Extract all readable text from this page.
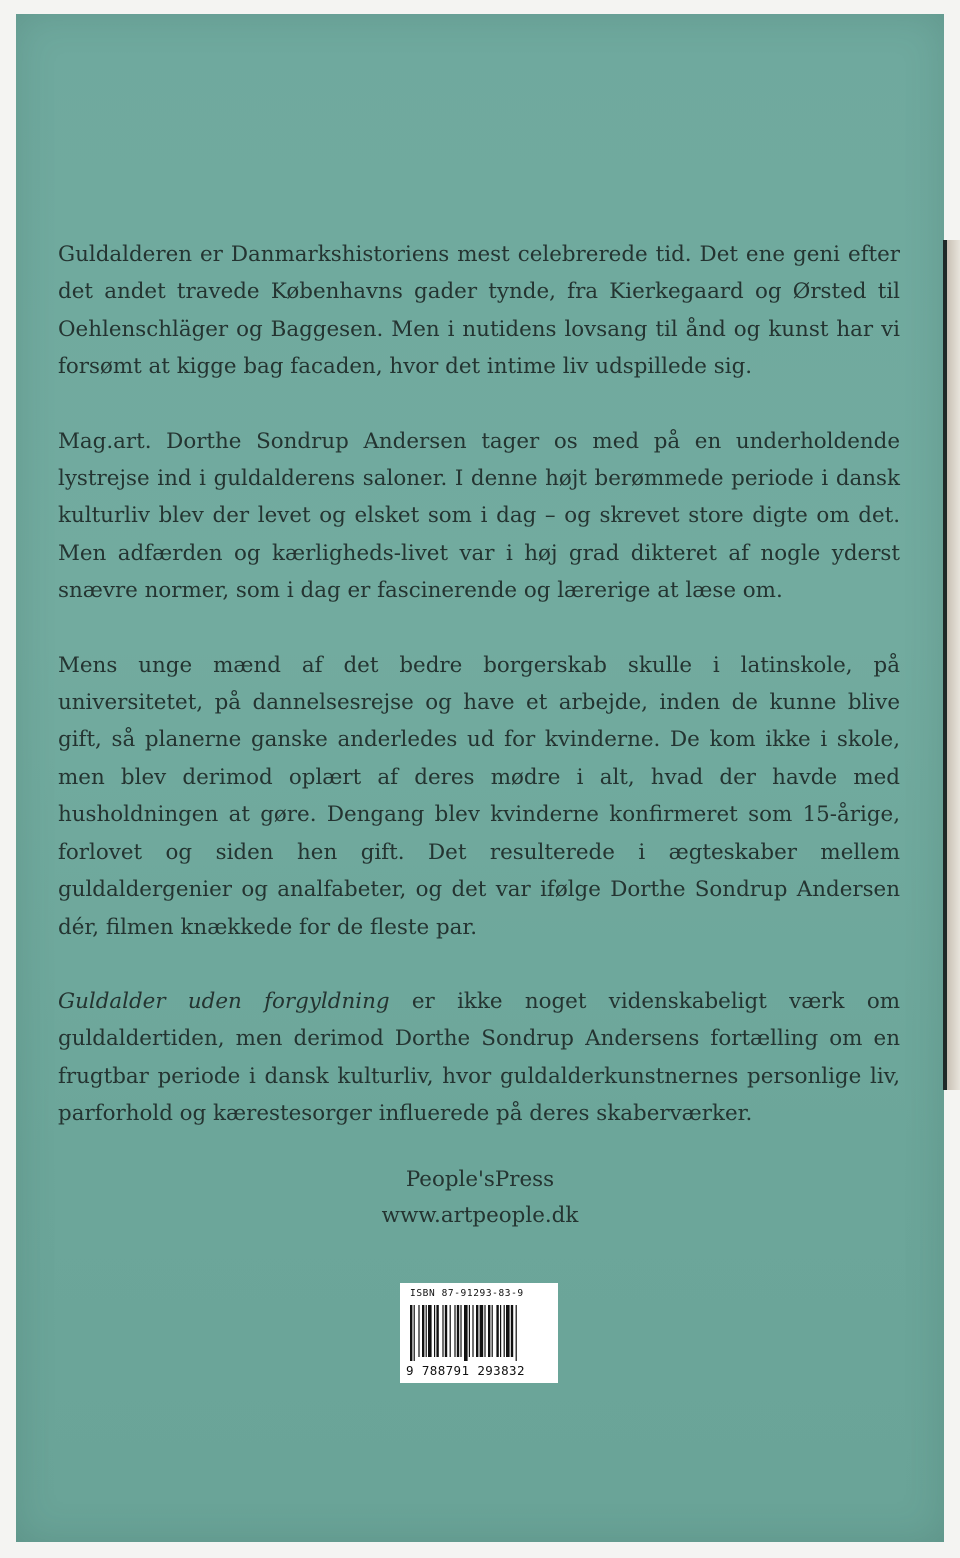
Guldalderen er Danmarkshistoriens mest celebrerede tid. Det ene geni efter det andet travede Københavns gader tynde, fra Kierkegaard og Ørsted til Oehlenschläger og Baggesen. Men i nutidens lovsang til ånd og kunst har vi forsømt at kigge bag facaden, hvor det intime liv udspillede sig.

Mag.art. Dorthe Sondrup Andersen tager os med på en underholdende lystrejse ind i guldalderens saloner. I denne højt berømmede periode i dansk kulturliv blev der levet og elsket som i dag – og skrevet store digte om det. Men adfærden og kærligheds-livet var i høj grad dikteret af nogle yderst snævre normer, som i dag er fascinerende og lærerige at læse om.

Mens unge mænd af det bedre borgerskab skulle i latinskole, på universitetet, på dannelsesrejse og have et arbejde, inden de kunne blive gift, så planerne ganske anderledes ud for kvinderne. De kom ikke i skole, men blev derimod oplært af deres mødre i alt, hvad der havde med husholdningen at gøre. Dengang blev kvinderne konfirmeret som 15-årige, forlovet og siden hen gift. Det resulterede i ægteskaber mellem guldaldergenier og analfabeter, og det var ifølge Dorthe Sondrup Andersen dér, filmen knækkede for de fleste par.

Guldalder uden forgyldning er ikke noget videnskabeligt værk om guldaldertiden, men derimod Dorthe Sondrup Andersens fortælling om en frugtbar periode i dansk kulturliv, hvor guldalderkunstnernes personlige liv, parforhold og kærestesorger influerede på deres skaberværker.

People'sPress
www.artpeople.dk
ISBN 87-91293-83-9
9 788791 293832
